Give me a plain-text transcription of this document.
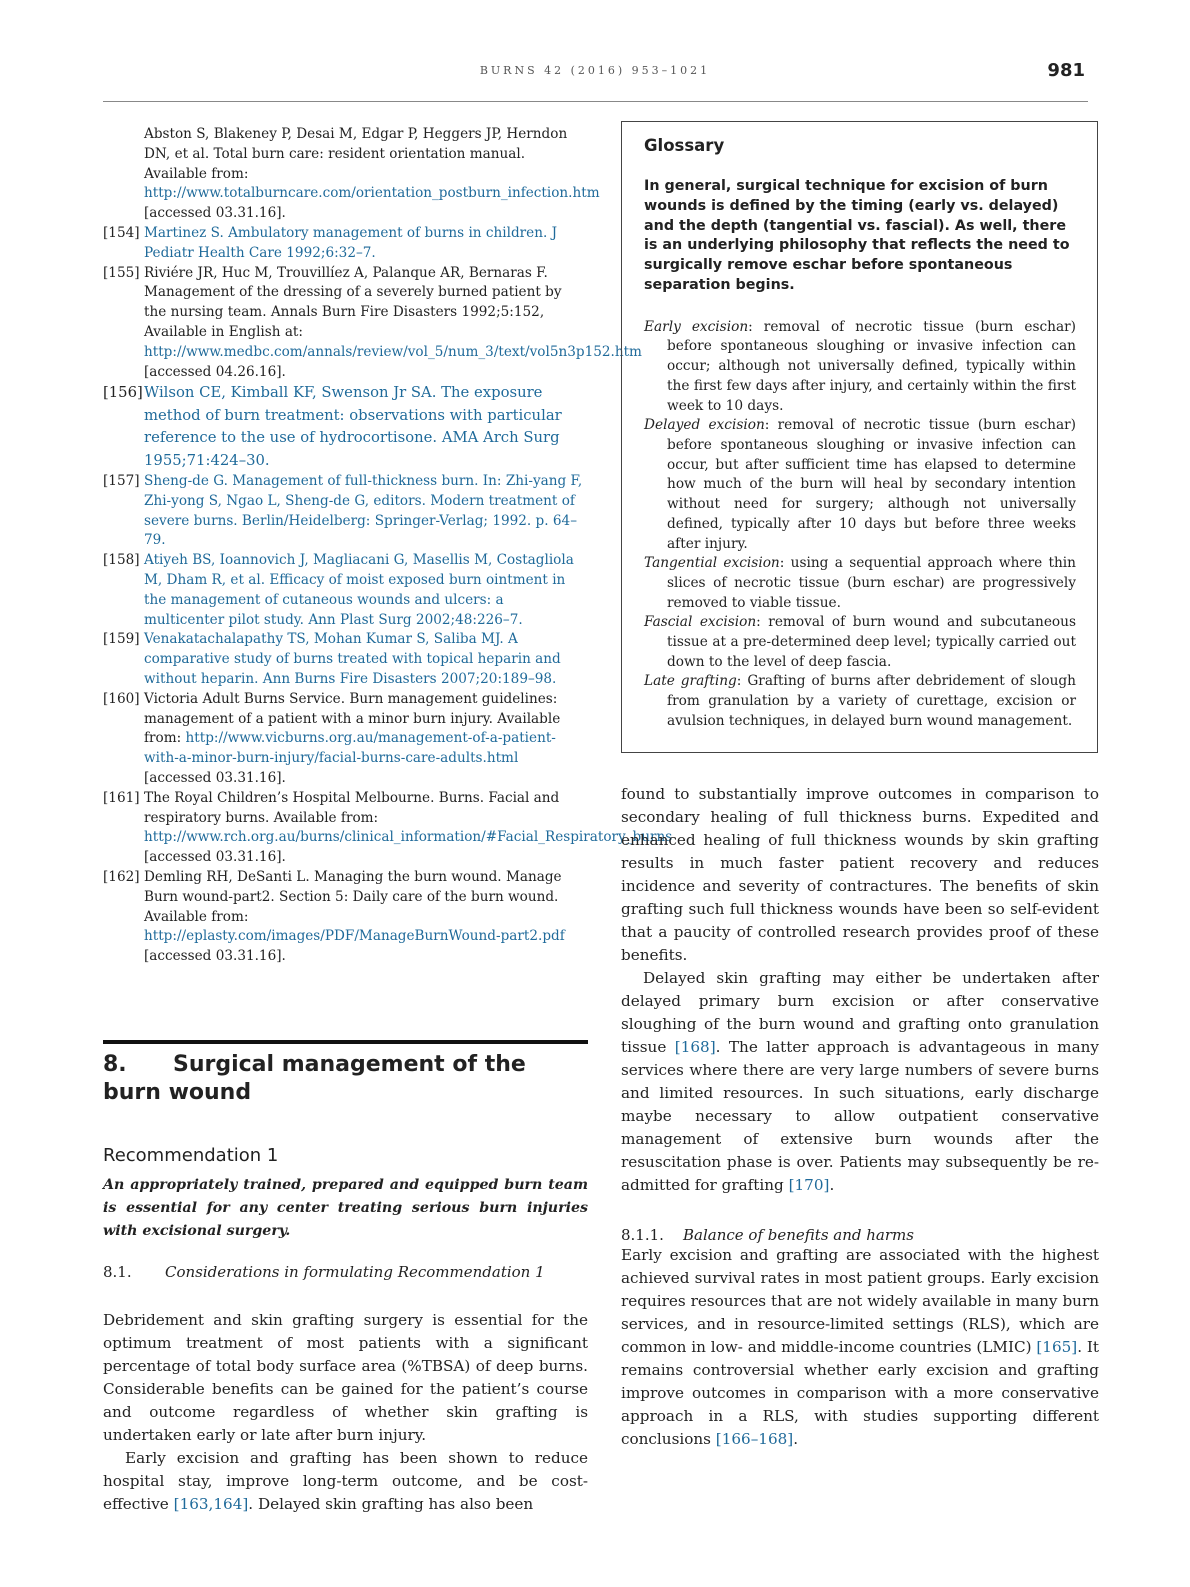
BURNS 42 (2016) 953–1021	981
Abston S, Blakeney P, Desai M, Edgar P, Heggers JP, Herndon DN, et al. Total burn care: resident orientation manual. Available from: http://www.totalburncare.com/orientation_postburn_infection.htm [accessed 03.31.16].
[154] Martinez S. Ambulatory management of burns in children. J Pediatr Health Care 1992;6:32–7.
[155] Riviére JR, Huc M, Trouvillíez A, Palanque AR, Bernaras F. Management of the dressing of a severely burned patient by the nursing team. Annals Burn Fire Disasters 1992;5:152, Available in English at: http://www.medbc.com/annals/review/vol_5/num_3/text/vol5n3p152.htm [accessed 04.26.16].
[156] Wilson CE, Kimball KF, Swenson Jr SA. The exposure method of burn treatment: observations with particular reference to the use of hydrocortisone. AMA Arch Surg 1955;71:424–30.
[157] Sheng-de G. Management of full-thickness burn. In: Zhi-yang F, Zhi-yong S, Ngao L, Sheng-de G, editors. Modern treatment of severe burns. Berlin/Heidelberg: Springer-Verlag; 1992. p. 64–79.
[158] Atiyeh BS, Ioannovich J, Magliacani G, Masellis M, Costagliola M, Dham R, et al. Efficacy of moist exposed burn ointment in the management of cutaneous wounds and ulcers: a multicenter pilot study. Ann Plast Surg 2002;48:226–7.
[159] Venakatachalapathy TS, Mohan Kumar S, Saliba MJ. A comparative study of burns treated with topical heparin and without heparin. Ann Burns Fire Disasters 2007;20:189–98.
[160] Victoria Adult Burns Service. Burn management guidelines: management of a patient with a minor burn injury. Available from: http://www.vicburns.org.au/management-of-a-patient-with-a-minor-burn-injury/facial-burns-care-adults.html [accessed 03.31.16].
[161] The Royal Children’s Hospital Melbourne. Burns. Facial and respiratory burns. Available from: http://www.rch.org.au/burns/clinical_information/#Facial_Respiratory_burns [accessed 03.31.16].
[162] Demling RH, DeSanti L. Managing the burn wound. Manage Burn wound-part2. Section 5: Daily care of the burn wound. Available from: http://eplasty.com/images/PDF/ManageBurnWound-part2.pdf [accessed 03.31.16].
8. Surgical management of the burn wound
Recommendation 1
An appropriately trained, prepared and equipped burn team is essential for any center treating serious burn injuries with excisional surgery.
8.1. Considerations in formulating Recommendation 1

Debridement and skin grafting surgery is essential for the optimum treatment of most patients with a significant percentage of total body surface area (%TBSA) of deep burns. Considerable benefits can be gained for the patient’s course and outcome regardless of whether skin grafting is undertaken early or late after burn injury.

Early excision and grafting has been shown to reduce hospital stay, improve long-term outcome, and be cost-effective [163,164]. Delayed skin grafting has also been

Glossary
In general, surgical technique for excision of burn wounds is defined by the timing (early vs. delayed) and the depth (tangential vs. fascial). As well, there is an underlying philosophy that reflects the need to surgically remove eschar before spontaneous separation begins.
Early excision: removal of necrotic tissue (burn eschar) before spontaneous sloughing or invasive infection can occur; although not universally defined, typically within the first few days after injury, and certainly within the first week to 10 days.
Delayed excision: removal of necrotic tissue (burn eschar) before spontaneous sloughing or invasive infection can occur, but after sufficient time has elapsed to determine how much of the burn will heal by secondary intention without need for surgery; although not universally defined, typically after 10 days but before three weeks after injury.
Tangential excision: using a sequential approach where thin slices of necrotic tissue (burn eschar) are progressively removed to viable tissue.
Fascial excision: removal of burn wound and subcutaneous tissue at a pre-determined deep level; typically carried out down to the level of deep fascia.
Late grafting: Grafting of burns after debridement of slough from granulation by a variety of curettage, excision or avulsion techniques, in delayed burn wound management.

found to substantially improve outcomes in comparison to secondary healing of full thickness burns. Expedited and enhanced healing of full thickness wounds by skin grafting results in much faster patient recovery and reduces incidence and severity of contractures. The benefits of skin grafting such full thickness wounds have been so self-evident that a paucity of controlled research provides proof of these benefits.

Delayed skin grafting may either be undertaken after delayed primary burn excision or after conservative sloughing of the burn wound and grafting onto granulation tissue [168]. The latter approach is advantageous in many services where there are very large numbers of severe burns and limited resources. In such situations, early discharge maybe necessary to allow outpatient conservative management of extensive burn wounds after the resuscitation phase is over. Patients may subsequently be re-admitted for grafting [170].

8.1.1. Balance of benefits and harms

Early excision and grafting are associated with the highest achieved survival rates in most patient groups. Early excision requires resources that are not widely available in many burn services, and in resource-limited settings (RLS), which are common in low- and middle-income countries (LMIC) [165]. It remains controversial whether early excision and grafting improve outcomes in comparison with a more conservative approach in a RLS, with studies supporting different conclusions [166–168].
